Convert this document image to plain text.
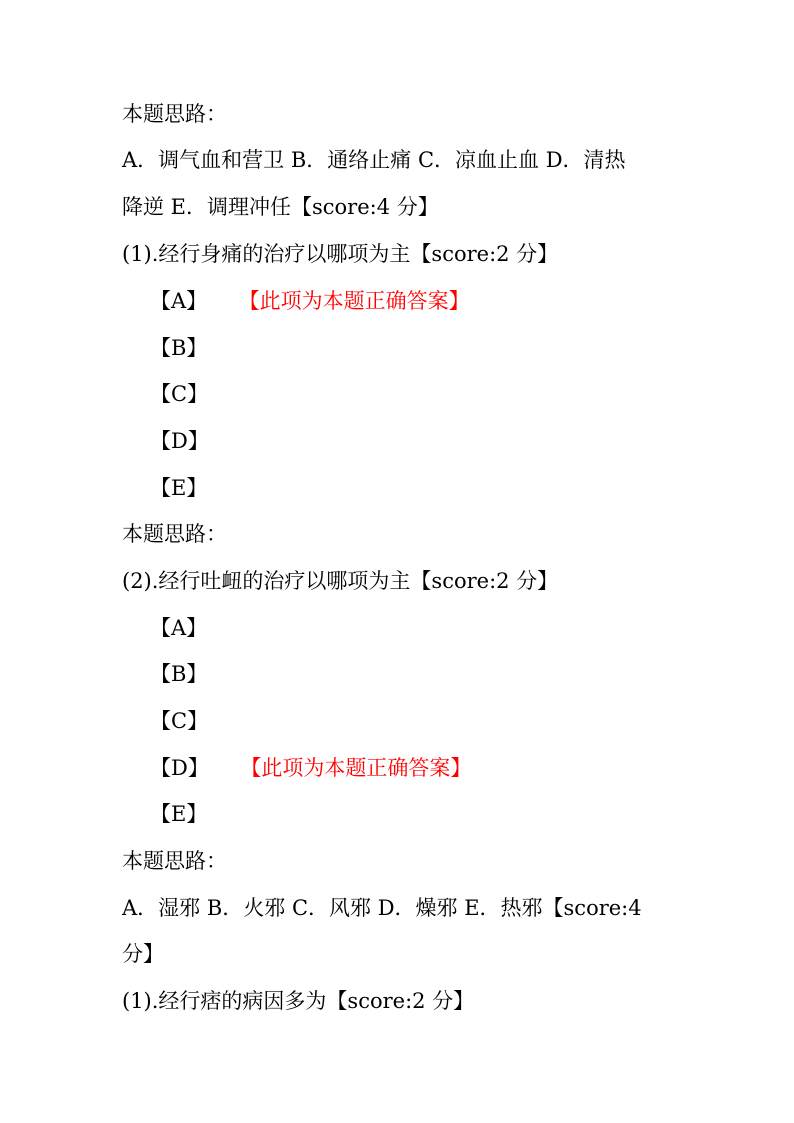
本题思路：
A．调气血和营卫 B．通络止痛 C．凉血止血 D．清热
降逆 E．调理冲任【score:4 分】
(1).经行身痛的治疗以哪项为主【score:2 分】
【A】 【此项为本题正确答案】
【B】
【C】
【D】
【E】
本题思路：
(2).经行吐衄的治疗以哪项为主【score:2 分】
【A】
【B】
【C】
【D】 【此项为本题正确答案】
【E】
本题思路：
A．湿邪 B．火邪 C．风邪 D．燥邪 E．热邪【score:4
分】
(1).经行痞的病因多为【score:2 分】
